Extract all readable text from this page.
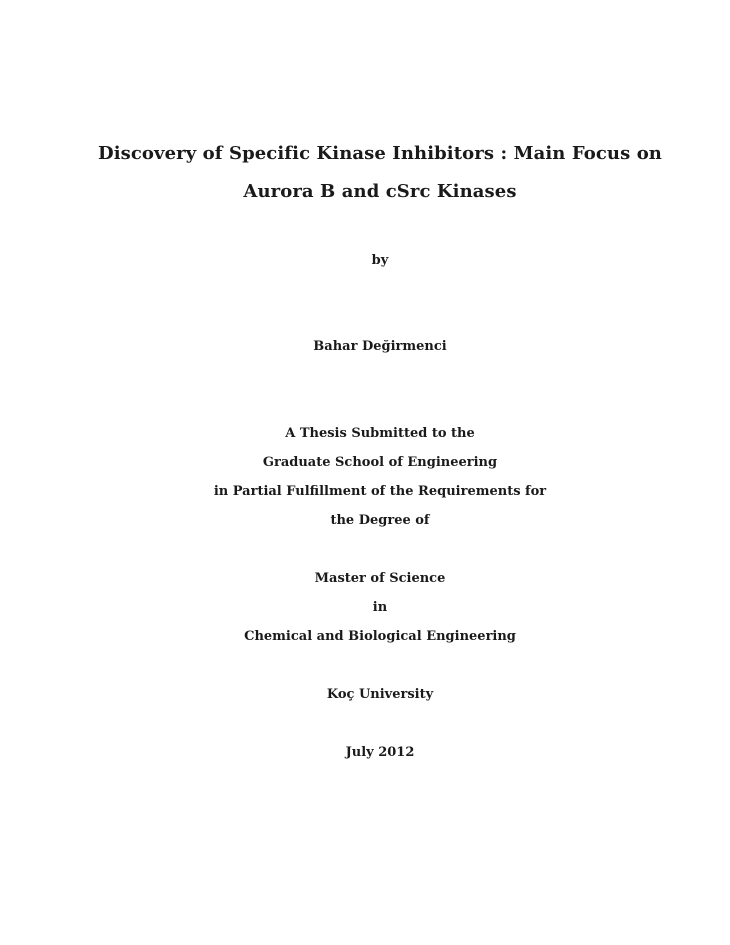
Discovery of Specific Kinase Inhibitors : Main Focus on
Aurora B and cSrc Kinases
by
Bahar Değirmenci
A Thesis Submitted to the
Graduate School of Engineering
in Partial Fulfillment of the Requirements for
the Degree of
Master of Science
in
Chemical and Biological Engineering
Koç University
July 2012
